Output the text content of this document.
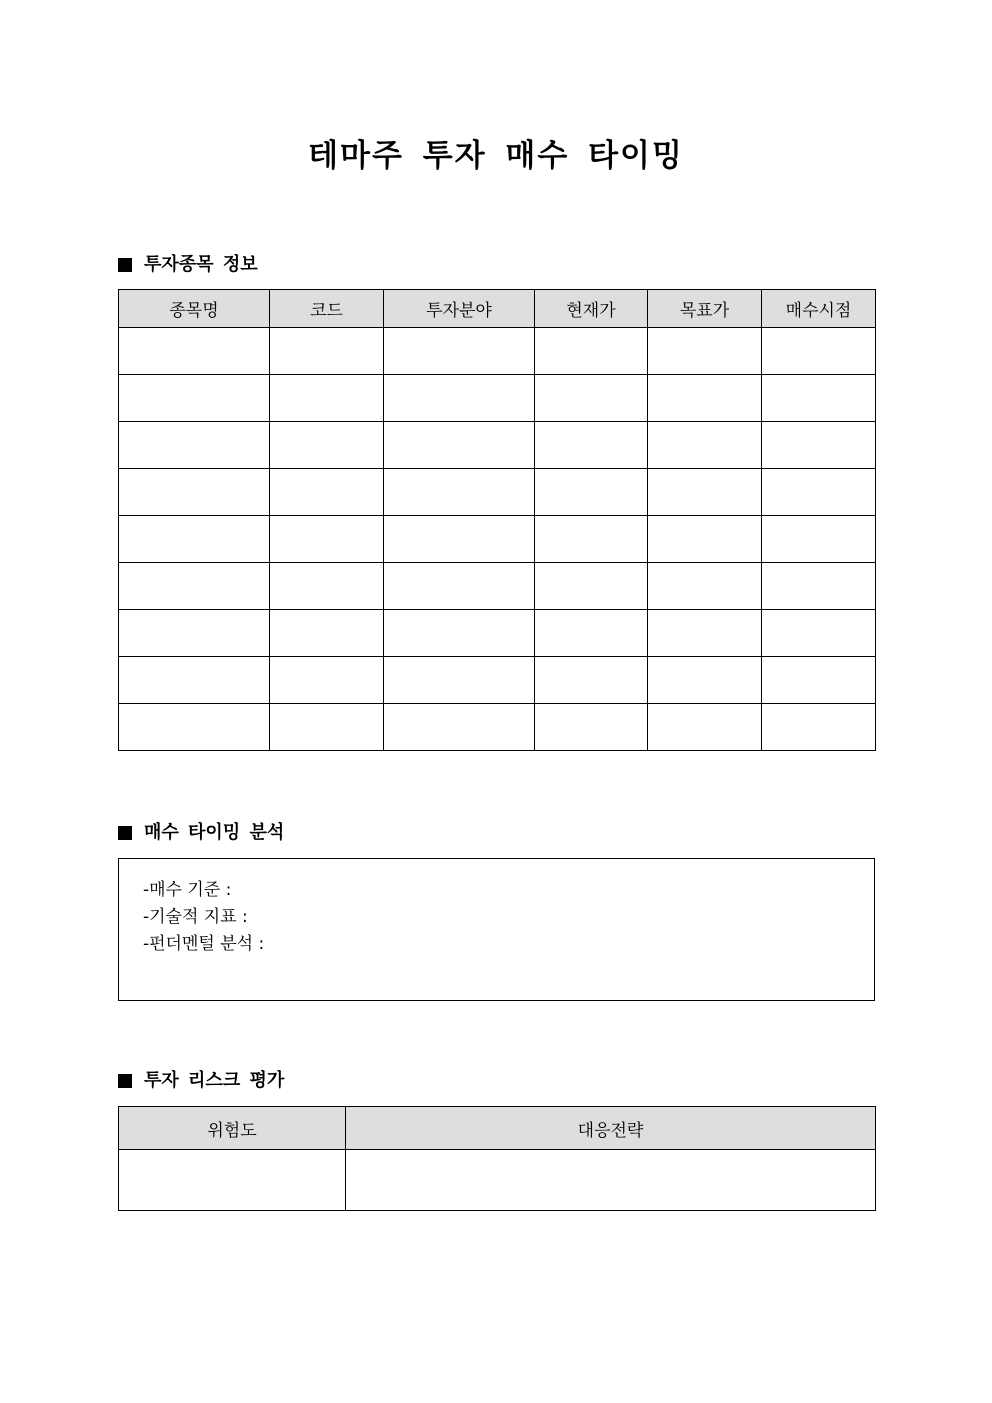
테마주 투자 매수 타이밍
투자종목 정보
종목명	코드	투자분야	현재가	목표가	매수시점

매수 타이밍 분석
-매수 기준 :
-기술적 지표 :
-펀더멘털 분석 :
투자 리스크 평가
위험도	대응전략
